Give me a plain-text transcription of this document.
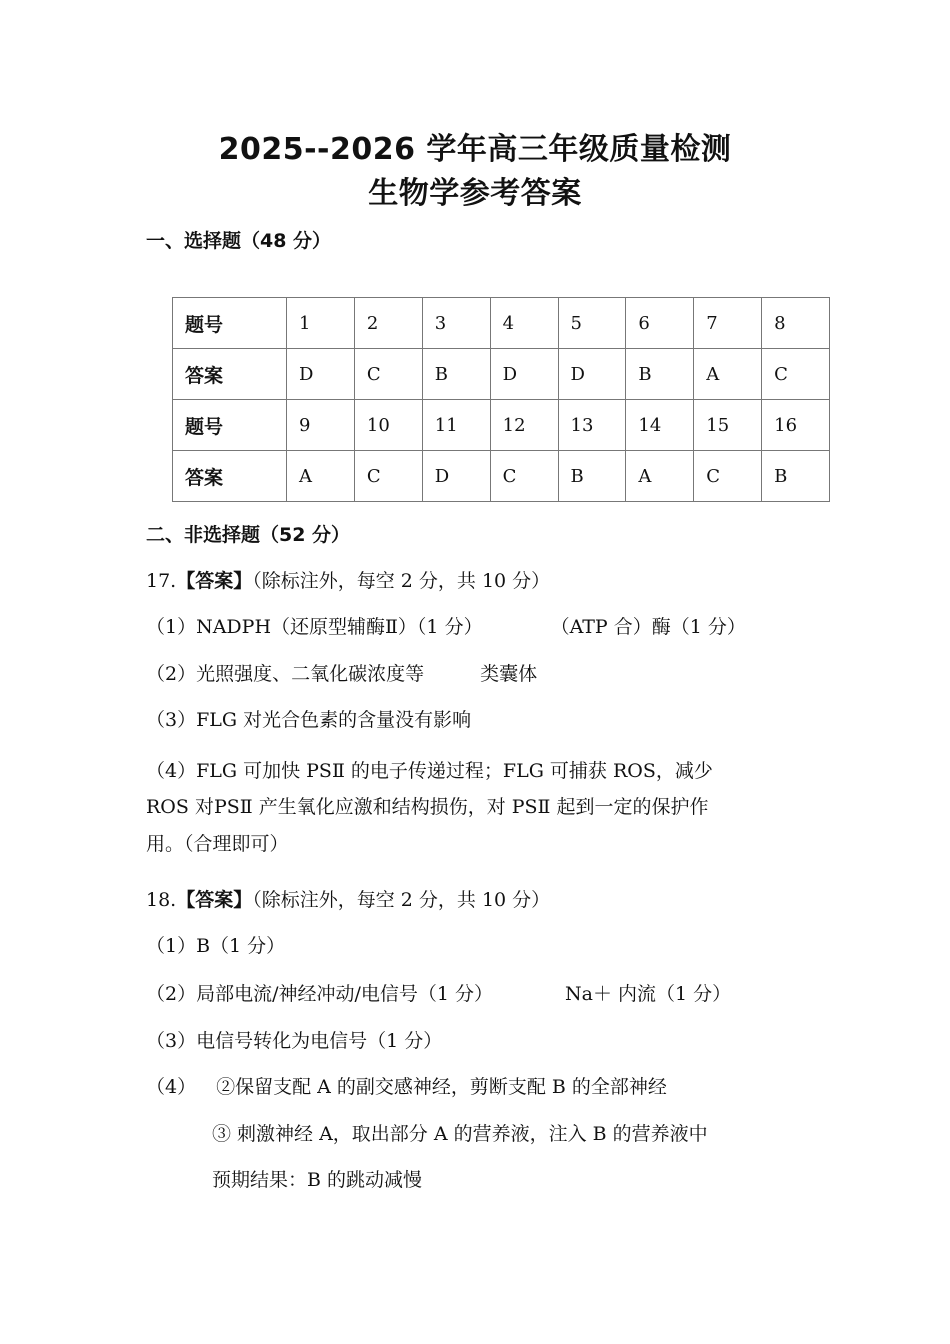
2025--2026 学年高三年级质量检测
生物学参考答案

一、选择题（48 分）

题号	1	2	3	4	5	6	7	8
答案	D	C	B	D	D	B	A	C
题号	9	10	11	12	13	14	15	16
答案	A	C	D	C	B	A	C	B

二、非选择题（52 分）

17.【答案】（除标注外，每空 2 分，共 10 分）

（1）NADPH（还原型辅酶Ⅱ）（1 分）	（ATP 合）酶（1 分）

（2）光照强度、二氧化碳浓度等	类囊体

（3）FLG 对光合色素的含量没有影响

（4）FLG 可加快 PSⅡ 的电子传递过程；FLG 可捕获 ROS，减少

ROS 对PSⅡ 产生氧化应激和结构损伤，对 PSⅡ 起到一定的保护作

用。（合理即可）

18.【答案】（除标注外，每空 2 分，共 10 分）

（1）B（1 分）

（2）局部电流/神经冲动/电信号（1 分）	Na＋ 内流（1 分）

（3）电信号转化为电信号（1 分）

（4） ②保留支配 A 的副交感神经，剪断支配 B 的全部神经

③ 刺激神经 A，取出部分 A 的营养液，注入 B 的营养液中

预期结果：B 的跳动减慢
